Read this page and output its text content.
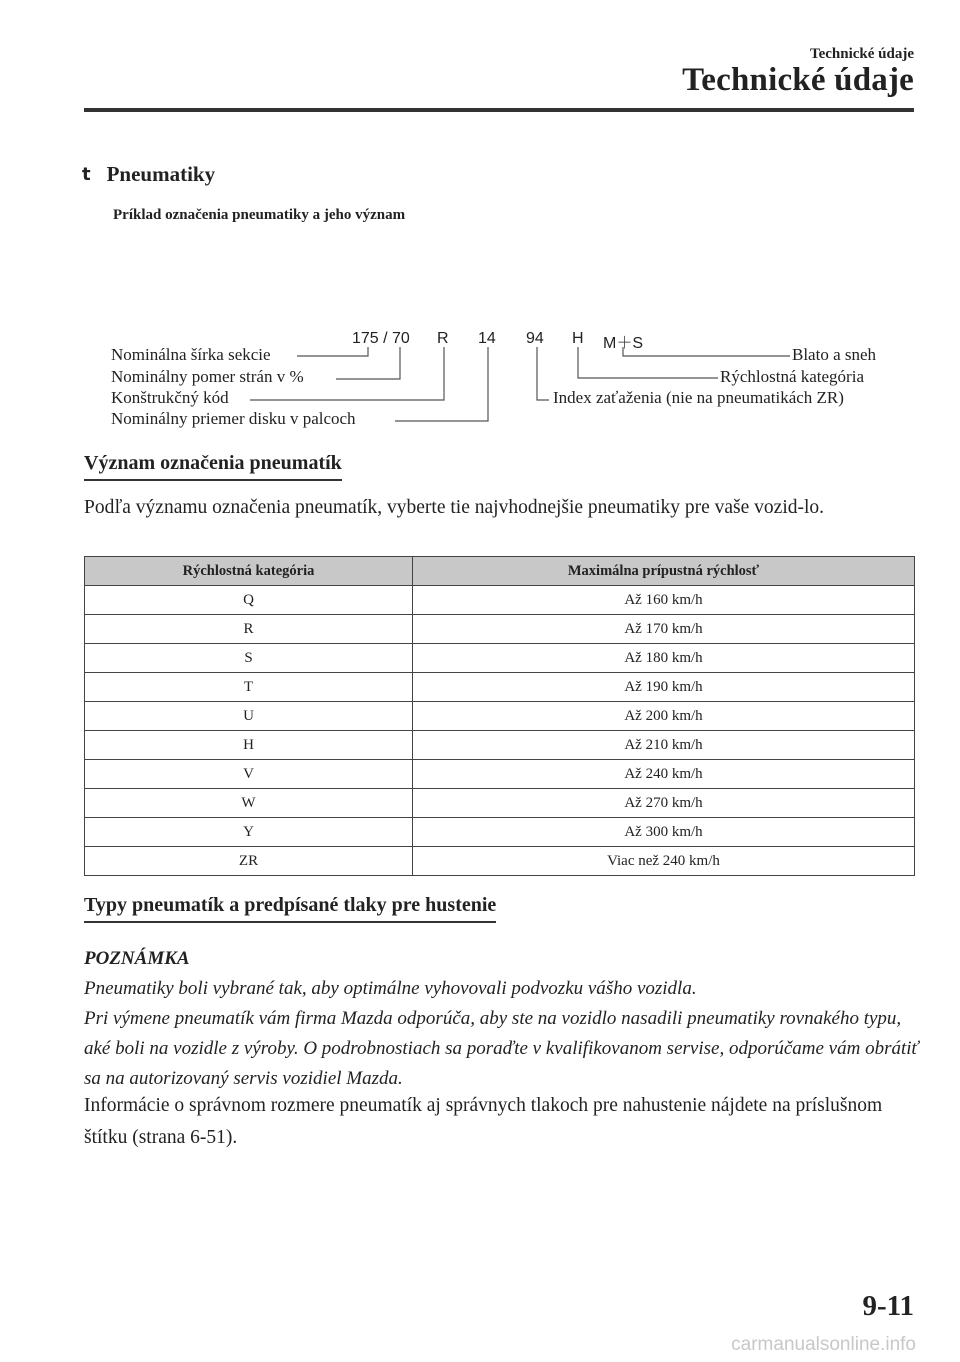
Technické údaje
Technické údaje
t Pneumatiky
Príklad označenia pneumatiky a jeho význam
175 / 70 R 14 94 H M＋S
Nominálna šírka sekcie
Nominálny pomer strán v %
Konštrukčný kód
Nominálny priemer disku v palcoch
Blato a sneh
Rýchlostná kategória
Index zaťaženia (nie na pneumatikách ZR)
Význam označenia pneumatík
Podľa významu označenia pneumatík, vyberte tie najvhodnejšie pneumatiky pre vaše vozid-lo.
Rýchlostná kategória	Maximálna prípustná rýchlosť
Q	Až 160 km/h
R	Až 170 km/h
S	Až 180 km/h
T	Až 190 km/h
U	Až 200 km/h
H	Až 210 km/h
V	Až 240 km/h
W	Až 270 km/h
Y	Až 300 km/h
ZR	Viac než 240 km/h
Typy pneumatík a predpísané tlaky pre hustenie
POZNÁMKA
Pneumatiky boli vybrané tak, aby optimálne vyhovovali podvozku vášho vozidla.
Pri výmene pneumatík vám firma Mazda odporúča, aby ste na vozidlo nasadili pneumatiky rovnakého typu, aké boli na vozidle z výroby. O podrobnostiach sa poraďte v kvalifikovanom servise, odporúčame vám obrátiť sa na autorizovaný servis vozidiel Mazda.
Informácie o správnom rozmere pneumatík aj správnych tlakoch pre nahustenie nájdete na príslušnom štítku (strana 6-51).
9-11
carmanualsonline.info
